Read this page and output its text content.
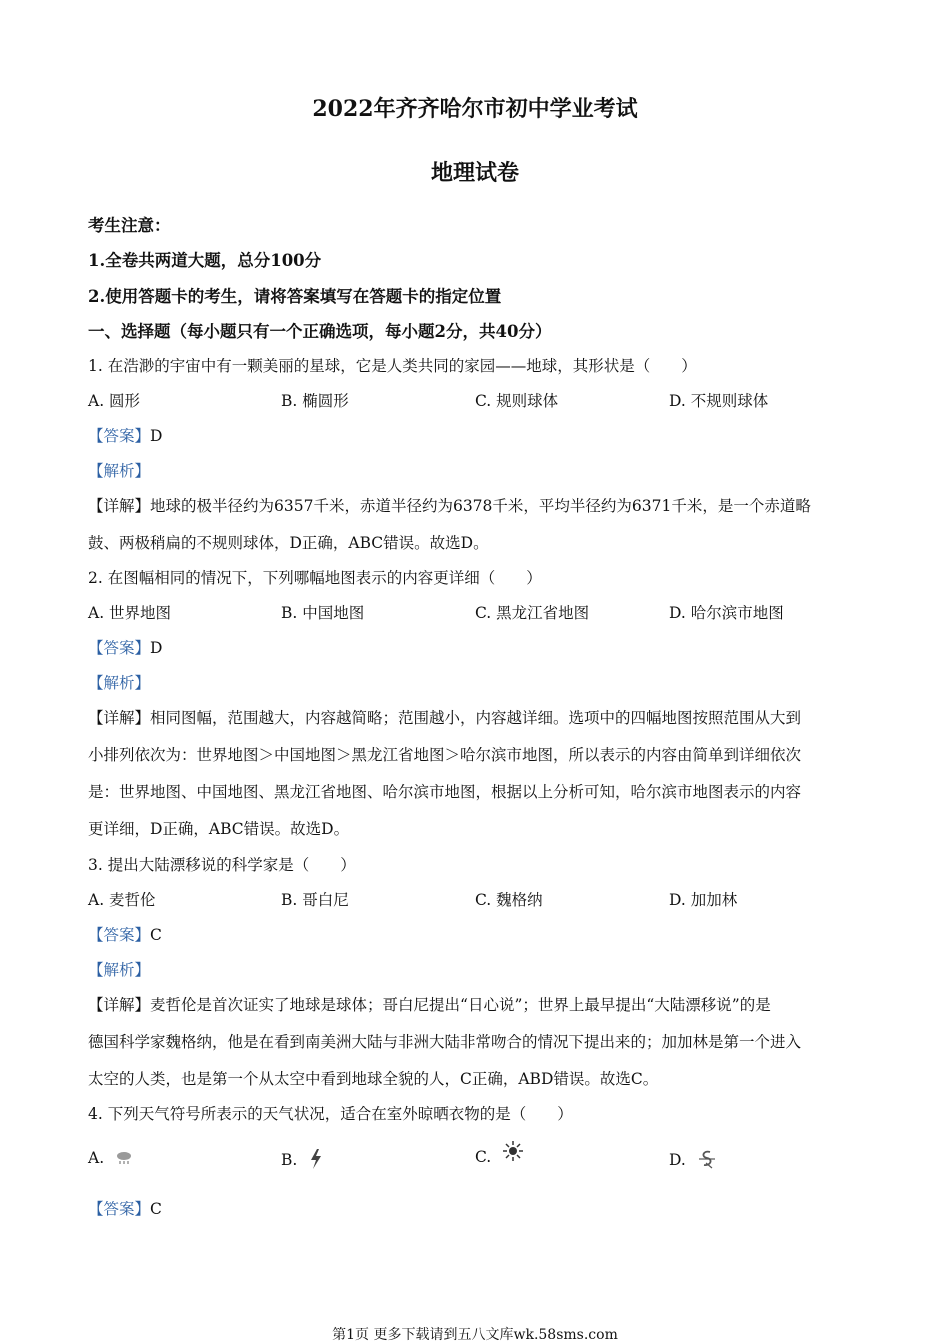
2022年齐齐哈尔市初中学业考试
地理试卷
考生注意：
1.全卷共两道大题，总分100分
2.使用答题卡的考生，请将答案填写在答题卡的指定位置
一、选择题（每小题只有一个正确选项，每小题2分，共40分）
1. 在浩渺的宇宙中有一颗美丽的星球，它是人类共同的家园——地球，其形状是（　　）
A. 圆形	B. 椭圆形	C. 规则球体	D. 不规则球体
【答案】D
【解析】
【详解】地球的极半径约为6357千米，赤道半径约为6378千米，平均半径约为6371千米，是一个赤道略
鼓、两极稍扁的不规则球体，D正确，ABC错误。故选D。
2. 在图幅相同的情况下，下列哪幅地图表示的内容更详细（　　）
A. 世界地图	B. 中国地图	C. 黑龙江省地图	D. 哈尔滨市地图
【答案】D
【解析】
【详解】相同图幅，范围越大，内容越简略；范围越小，内容越详细。选项中的四幅地图按照范围从大到
小排列依次为：世界地图＞中国地图＞黑龙江省地图＞哈尔滨市地图，所以表示的内容由简单到详细依次
是：世界地图、中国地图、黑龙江省地图、哈尔滨市地图，根据以上分析可知，哈尔滨市地图表示的内容
更详细，D正确，ABC错误。故选D。
3. 提出大陆漂移说的科学家是（　　）
A. 麦哲伦	B. 哥白尼	C. 魏格纳	D. 加加林
【答案】C
【解析】
【详解】麦哲伦是首次证实了地球是球体；哥白尼提出“日心说”；世界上最早提出“大陆漂移说”的是
德国科学家魏格纳，他是在看到南美洲大陆与非洲大陆非常吻合的情况下提出来的；加加林是第一个进入
太空的人类，也是第一个从太空中看到地球全貌的人，C正确，ABD错误。故选C。
4. 下列天气符号所表示的天气状况，适合在室外晾晒衣物的是（　　）
A.	B.	C.	D.
【答案】C
第1页 更多下载请到五八文库wk.58sms.com
